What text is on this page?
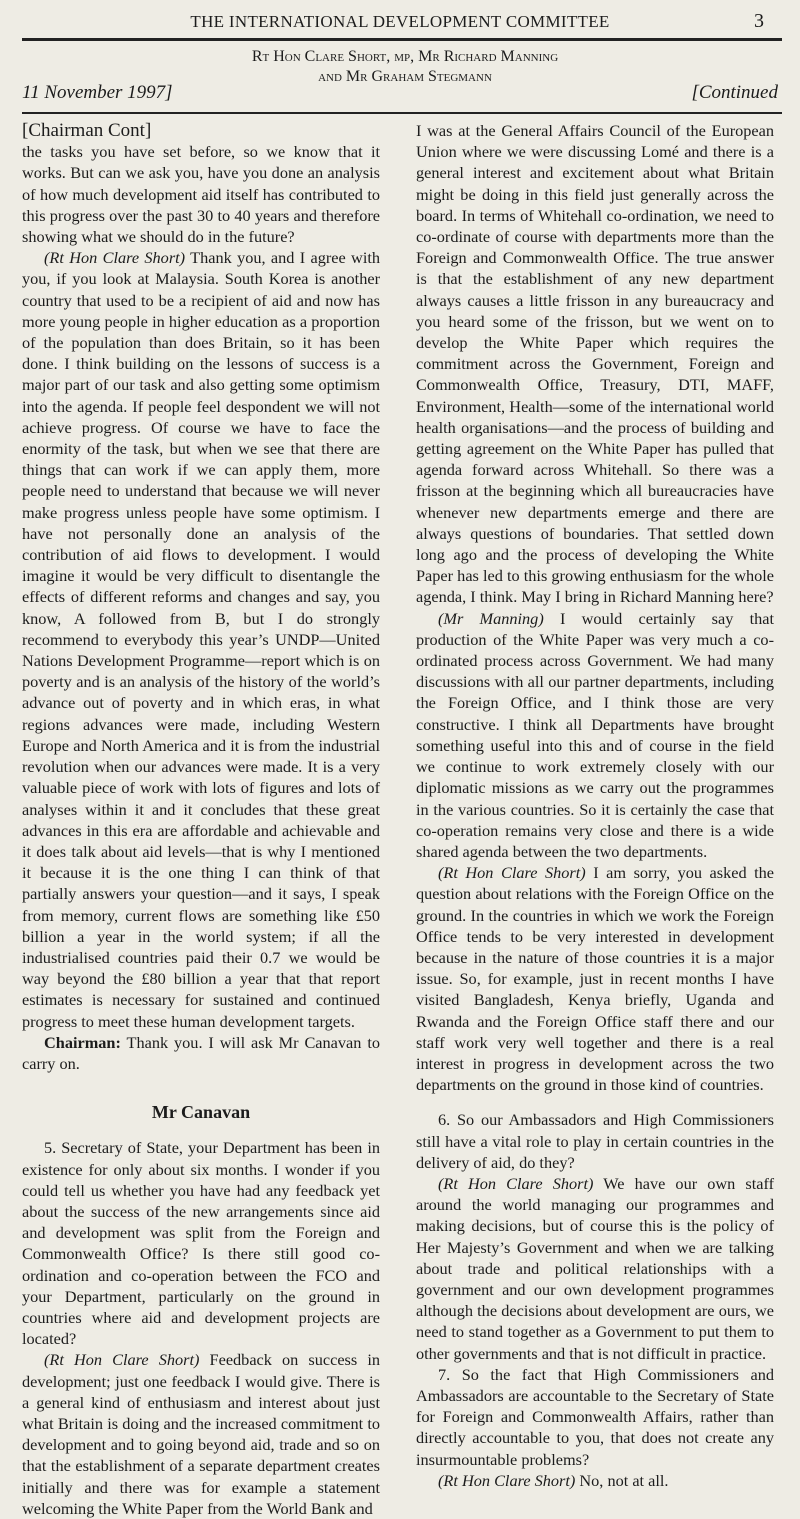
THE INTERNATIONAL DEVELOPMENT COMMITTEE	3
11 November 1997]
Rt Hon Clare Short, mp, Mr Richard Manning
and Mr Graham Stegmann
[Continued

[Chairman Cont]

the tasks you have set before, so we know that it works. But can we ask you, have you done an analysis of how much development aid itself has contributed to this progress over the past 30 to 40 years and therefore showing what we should do in the future?

(Rt Hon Clare Short) Thank you, and I agree with you, if you look at Malaysia. South Korea is another country that used to be a recipient of aid and now has more young people in higher education as a proportion of the population than does Britain, so it has been done. I think building on the lessons of success is a major part of our task and also getting some optimism into the agenda. If people feel despondent we will not achieve progress. Of course we have to face the enormity of the task, but when we see that there are things that can work if we can apply them, more people need to understand that because we will never make progress unless people have some optimism. I have not personally done an analysis of the contribution of aid flows to development. I would imagine it would be very difficult to disentangle the effects of different reforms and changes and say, you know, A followed from B, but I do strongly recommend to everybody this year’s UNDP—United Nations Development Programme—report which is on poverty and is an analysis of the history of the world’s advance out of poverty and in which eras, in what regions advances were made, including Western Europe and North America and it is from the industrial revolution when our advances were made. It is a very valuable piece of work with lots of figures and lots of analyses within it and it concludes that these great advances in this era are affordable and achievable and it does talk about aid levels—that is why I mentioned it because it is the one thing I can think of that partially answers your question—and it says, I speak from memory, current flows are something like £50 billion a year in the world system; if all the industrialised countries paid their 0.7 we would be way beyond the £80 billion a year that that report estimates is necessary for sustained and continued progress to meet these human development targets.

Chairman: Thank you. I will ask Mr Canavan to carry on.

Mr Canavan

5. Secretary of State, your Department has been in existence for only about six months. I wonder if you could tell us whether you have had any feedback yet about the success of the new arrangements since aid and development was split from the Foreign and Commonwealth Office? Is there still good co-ordination and co-operation between the FCO and your Department, particularly on the ground in countries where aid and development projects are located?

(Rt Hon Clare Short) Feedback on success in development; just one feedback I would give. There is a general kind of enthusiasm and interest about just what Britain is doing and the increased commitment to development and to going beyond aid, trade and so on that the establishment of a separate department creates initially and there was for example a statement welcoming the White Paper from the World Bank and

I was at the General Affairs Council of the European Union where we were discussing Lomé and there is a general interest and excitement about what Britain might be doing in this field just generally across the board. In terms of Whitehall co-ordination, we need to co-ordinate of course with departments more than the Foreign and Commonwealth Office. The true answer is that the establishment of any new department always causes a little frisson in any bureaucracy and you heard some of the frisson, but we went on to develop the White Paper which requires the commitment across the Government, Foreign and Commonwealth Office, Treasury, DTI, MAFF, Environment, Health—some of the international world health organisations—and the process of building and getting agreement on the White Paper has pulled that agenda forward across Whitehall. So there was a frisson at the beginning which all bureaucracies have whenever new departments emerge and there are always questions of boundaries. That settled down long ago and the process of developing the White Paper has led to this growing enthusiasm for the whole agenda, I think. May I bring in Richard Manning here?

(Mr Manning) I would certainly say that production of the White Paper was very much a co-ordinated process across Government. We had many discussions with all our partner departments, including the Foreign Office, and I think those are very constructive. I think all Departments have brought something useful into this and of course in the field we continue to work extremely closely with our diplomatic missions as we carry out the programmes in the various countries. So it is certainly the case that co-operation remains very close and there is a wide shared agenda between the two departments.

(Rt Hon Clare Short) I am sorry, you asked the question about relations with the Foreign Office on the ground. In the countries in which we work the Foreign Office tends to be very interested in development because in the nature of those countries it is a major issue. So, for example, just in recent months I have visited Bangladesh, Kenya briefly, Uganda and Rwanda and the Foreign Office staff there and our staff work very well together and there is a real interest in progress in development across the two departments on the ground in those kind of countries.

6. So our Ambassadors and High Commissioners still have a vital role to play in certain countries in the delivery of aid, do they?

(Rt Hon Clare Short) We have our own staff around the world managing our programmes and making decisions, but of course this is the policy of Her Majesty’s Government and when we are talking about trade and political relationships with a government and our own development programmes although the decisions about development are ours, we need to stand together as a Government to put them to other governments and that is not difficult in practice.

7. So the fact that High Commissioners and Ambassadors are accountable to the Secretary of State for Foreign and Commonwealth Affairs, rather than directly accountable to you, that does not create any insurmountable problems?

(Rt Hon Clare Short) No, not at all.
